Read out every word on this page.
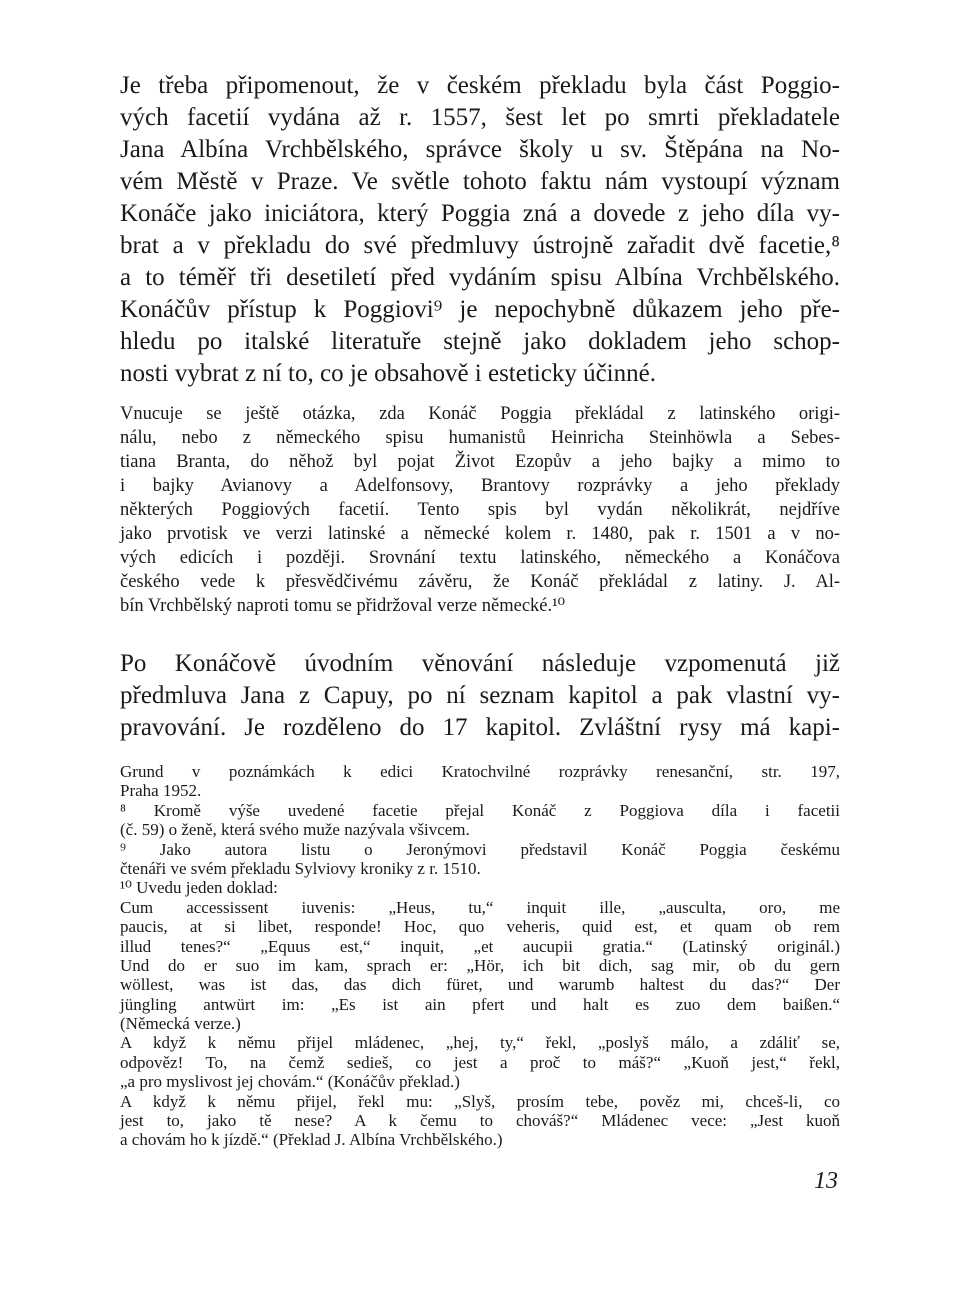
Je třeba připomenout, že v českém překladu byla část Poggio-
vých facetií vydána až r. 1557, šest let po smrti překladatele
Jana Albína Vrchbělského, správce školy u sv. Štěpána na No-
vém Městě v Praze. Ve světle tohoto faktu nám vystoupí význam
Konáče jako iniciátora, který Poggia zná a dovede z jeho díla vy-
brat a v překladu do své předmluvy ústrojně zařadit dvě facetie,⁸
a to téměř tři desetiletí před vydáním spisu Albína Vrchbělského.
Konáčův přístup k Poggiovi⁹ je nepochybně důkazem jeho pře-
hledu po italské literatuře stejně jako dokladem jeho schop-
nosti vybrat z ní to, co je obsahově i esteticky účinné.
Vnucuje se ještě otázka, zda Konáč Poggia překládal z latinského origi-
nálu, nebo z německého spisu humanistů Heinricha Steinhöwla a Sebes-
tiana Branta, do něhož byl pojat Život Ezopův a jeho bajky a mimo to
i bajky Avianovy a Adelfonsovy, Brantovy rozprávky a jeho překlady
některých Poggiových facetií. Tento spis byl vydán několikrát, nejdříve
jako prvotisk ve verzi latinské a německé kolem r. 1480, pak r. 1501 a v no-
vých edicích i později. Srovnání textu latinského, německého a Konáčova
českého vede k přesvědčivému závěru, že Konáč překládal z latiny. J. Al-
bín Vrchbělský naproti tomu se přidržoval verze německé.¹⁰
Po Konáčově úvodním věnování následuje vzpomenutá již
předmluva Jana z Capuy, po ní seznam kapitol a pak vlastní vy-
pravování. Je rozděleno do 17 kapitol. Zvláštní rysy má kapi-
Grund v poznámkách k edici Kratochvilné rozprávky renesanční, str. 197,
Praha 1952.
⁸ Kromě výše uvedené facetie přejal Konáč z Poggiova díla i facetii
(č. 59) o ženě, která svého muže nazývala všivcem.
⁹ Jako autora listu o Jeronýmovi představil Konáč Poggia českému
čtenáři ve svém překladu Sylviovy kroniky z r. 1510.
¹⁰ Uvedu jeden doklad:
Cum accessissent iuvenis: „Heus, tu,“ inquit ille, „ausculta, oro, me
paucis, at si libet, responde! Hoc, quo veheris, quid est, et quam ob rem
illud tenes?“ „Equus est,“ inquit, „et aucupii gratia.“ (Latinský originál.)
Und do er suo im kam, sprach er: „Hör, ich bit dich, sag mir, ob du gern
wöllest, was ist das, das dich füret, und warumb haltest du das?“ Der
jüngling antwürt im: „Es ist ain pfert und halt es zuo dem baißen.“
(Německá verze.)
A když k němu přijel mládenec, „hej, ty,“ řekl, „poslyš málo, a zdáliť se,
odpověz! To, na čemž sedieš, co jest a proč to máš?“ „Kuoň jest,“ řekl,
„a pro myslivost jej chovám.“ (Konáčův překlad.)
A když k němu přijel, řekl mu: „Slyš, prosím tebe, pověz mi, chceš-li, co
jest to, jako tě nese? A k čemu to chováš?“ Mládenec vece: „Jest kuoň
a chovám ho k jízdě.“ (Překlad J. Albína Vrchbělského.)

13
